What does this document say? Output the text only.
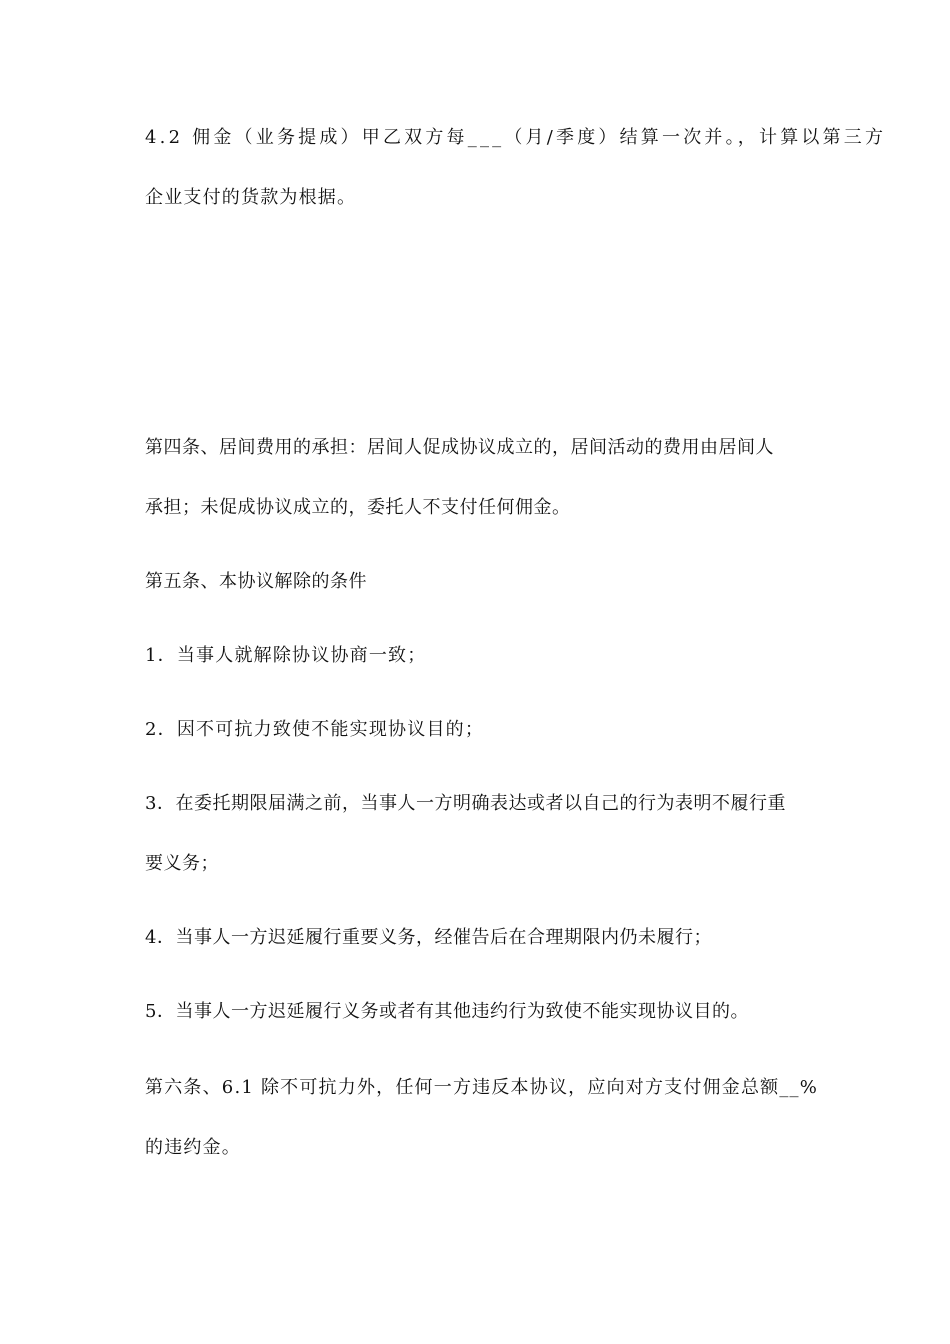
4.2 佣金（业务提成）甲乙双方每___（月/季度）结算一次并。，计算以第三方
企业支付的货款为根据。
第四条、居间费用的承担：居间人促成协议成立的，居间活动的费用由居间人
承担；未促成协议成立的，委托人不支付任何佣金。
第五条、本协议解除的条件
1．当事人就解除协议协商一致；
2．因不可抗力致使不能实现协议目的；
3．在委托期限届满之前，当事人一方明确表达或者以自己的行为表明不履行重
要义务；
4．当事人一方迟延履行重要义务，经催告后在合理期限内仍未履行；
5．当事人一方迟延履行义务或者有其他违约行为致使不能实现协议目的。
第六条、6.1 除不可抗力外，任何一方违反本协议，应向对方支付佣金总额__%
的违约金。
